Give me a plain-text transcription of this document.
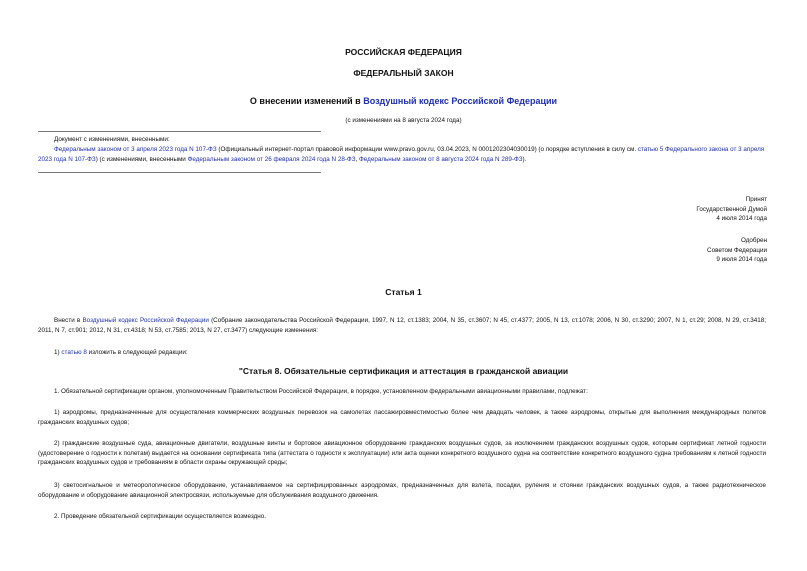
РОССИЙСКАЯ ФЕДЕРАЦИЯ
ФЕДЕРАЛЬНЫЙ ЗАКОН
О внесении изменений в Воздушный кодекс Российской Федерации
(с изменениями на 8 августа 2024 года)
Документ с изменениями, внесенными:
Федеральным законом от 3 апреля 2023 года N 107-ФЗ (Официальный интернет-портал правовой информации www.pravo.gov.ru, 03.04.2023, N 0001202304030019) (о порядке вступления в силу см. статью 5 Федерального закона от 3 апреля 2023 года N 107-ФЗ) (с изменениями, внесенными Федеральным законом от 26 февраля 2024 года N 28-ФЗ, Федеральным законом от 8 августа 2024 года N 289-ФЗ).
Принят
Государственной Думой
4 июля 2014 года
Одобрен
Советом Федерации
9 июля 2014 года
Статья 1
Внести в Воздушный кодекс Российской Федерации (Собрание законодательства Российской Федерации, 1997, N 12, ст.1383; 2004, N 35, ст.3607; N 45, ст.4377; 2005, N 13, ст.1078; 2006, N 30, ст.3290; 2007, N 1, ст.29; 2008, N 29, ст.3418; 2011, N 7, ст.901; 2012, N 31, ст.4318; N 53, ст.7585; 2013, N 27, ст.3477) следующие изменения:
1) статью 8 изложить в следующей редакции:
"Статья 8. Обязательные сертификация и аттестация в гражданской авиации
1. Обязательной сертификации органом, уполномоченным Правительством Российской Федерации, в порядке, установленном федеральными авиационными правилами, подлежат:
1) аэродромы, предназначенные для осуществления коммерческих воздушных перевозок на самолетах пассажировместимостью более чем двадцать человек, а также аэродромы, открытые для выполнения международных полетов гражданских воздушных судов;
2) гражданские воздушные суда, авиационные двигатели, воздушные винты и бортовое авиационное оборудование гражданских воздушных судов, за исключением гражданских воздушных судов, которым сертификат летной годности (удостоверение о годности к полетам) выдается на основании сертификата типа (аттестата о годности к эксплуатации) или акта оценки конкретного воздушного судна на соответствие конкретного воздушного судна требованиям к летной годности гражданских воздушных судов и требованиям в области охраны окружающей среды;
3) светосигнальное и метеорологическое оборудование, устанавливаемое на сертифицированных аэродромах, предназначенных для взлета, посадки, руления и стоянки гражданских воздушных судов, а также радиотехническое оборудование и оборудование авиационной электросвязи, используемые для обслуживания воздушного движения.
2. Проведение обязательной сертификации осуществляется возмездно.
